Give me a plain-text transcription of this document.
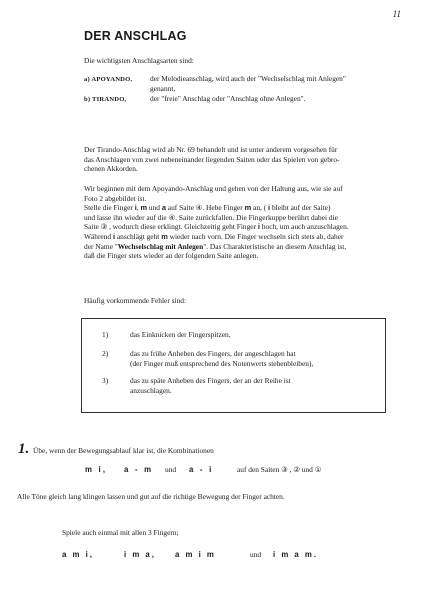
11
DER ANSCHLAG

Die wichtigsten Anschlagsarten sind:

a) APOYANDO,	der Melodieanschlag, wird auch der "Wechselschlag mit Anlegen"
genannt,
b) TIRANDO,	der "freie" Anschlag oder "Anschlag ohne Anlegen".
Der Tirando-Anschlag wird ab Nr. 69 behandelt und ist unter anderem vorgesehen für
das Anschlagen von zwei nebeneinander liegenden Saiten oder das Spielen von gebro-
chenen Akkorden.
Wir beginnen mit dem Apoyando-Anschlag und gehen von der Haltung aus, wie sie auf
Foto 2 abgebildet ist.
Stelle die Finger i, m und a auf Saite ④. Hebe Finger m an, ( i bleibt auf der Saite)
und lasse ihn wieder auf die ④. Saite zurückfallen. Die Fingerkuppe berührt dabei die
Saite ③ , wodurch diese erklingt. Gleichzeitig geht Finger i hoch, um auch anzuschlagen.
Während i anschlägt geht m wieder nach vorn. Die Finger wechseln sich stets ab, daher
der Name "Wechselschlag mit Anlegen". Das Charakteristische an diesem Anschlag ist,
daß die Finger stets wieder an der folgenden Saite anlegen.

Häufig vorkommende Fehler sind:

1)	das Einknicken der Fingerspitzen,
2)	das zu frühe Anheben des Fingers, der angeschlagen hat
(der Finger muß entsprechend des Notenwerts stehenbleiben),
3)	das zu späte Anheben des Fingers, der an der Reihe ist
anzuschlagen.
1. Übe, wenn der Bewegungsablauf klar ist, die Kombinationen

m i, a - m und a - i	auf den Saiten ③ , ② und ①

Alle Töne gleich lang klingen lassen und gut auf die richtige Bewegung der Finger achten.

Spiele auch einmal mit allen 3 Fingern;

a m i,	i m a, a m i m	und i m a m.
